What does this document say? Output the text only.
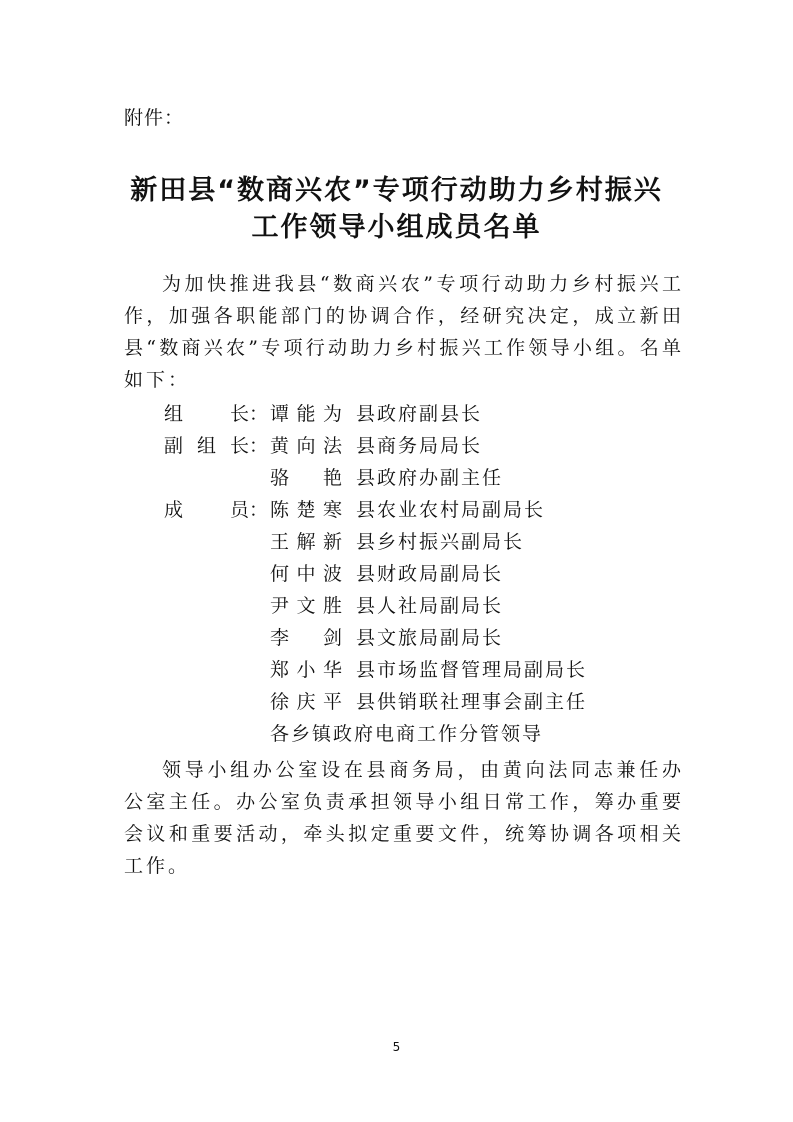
附件：
新田县“数商兴农”专项行动助力乡村振兴
工作领导小组成员名单

为加快推进我县“数商兴农”专项行动助力乡村振兴工作，加强各职能部门的协调合作，经研究决定，成立新田县“数商兴农”专项行动助力乡村振兴工作领导小组。名单如下：

组 长： 谭 能 为 县政府副县长
副 组 长： 黄 向 法 县商务局局长
骆 艳 县政府办副主任
成 员： 陈 楚 寒 县农业农村局副局长
王 解 新 县乡村振兴副局长
何 中 波 县财政局副局长
尹 文 胜 县人社局副局长
李 剑 县文旅局副局长
郑 小 华 县市场监督管理局副局长
徐 庆 平 县供销联社理事会副主任
各乡镇政府电商工作分管领导

领导小组办公室设在县商务局，由黄向法同志兼任办公室主任。办公室负责承担领导小组日常工作，筹办重要会议和重要活动，牵头拟定重要文件，统筹协调各项相关工作。

5
